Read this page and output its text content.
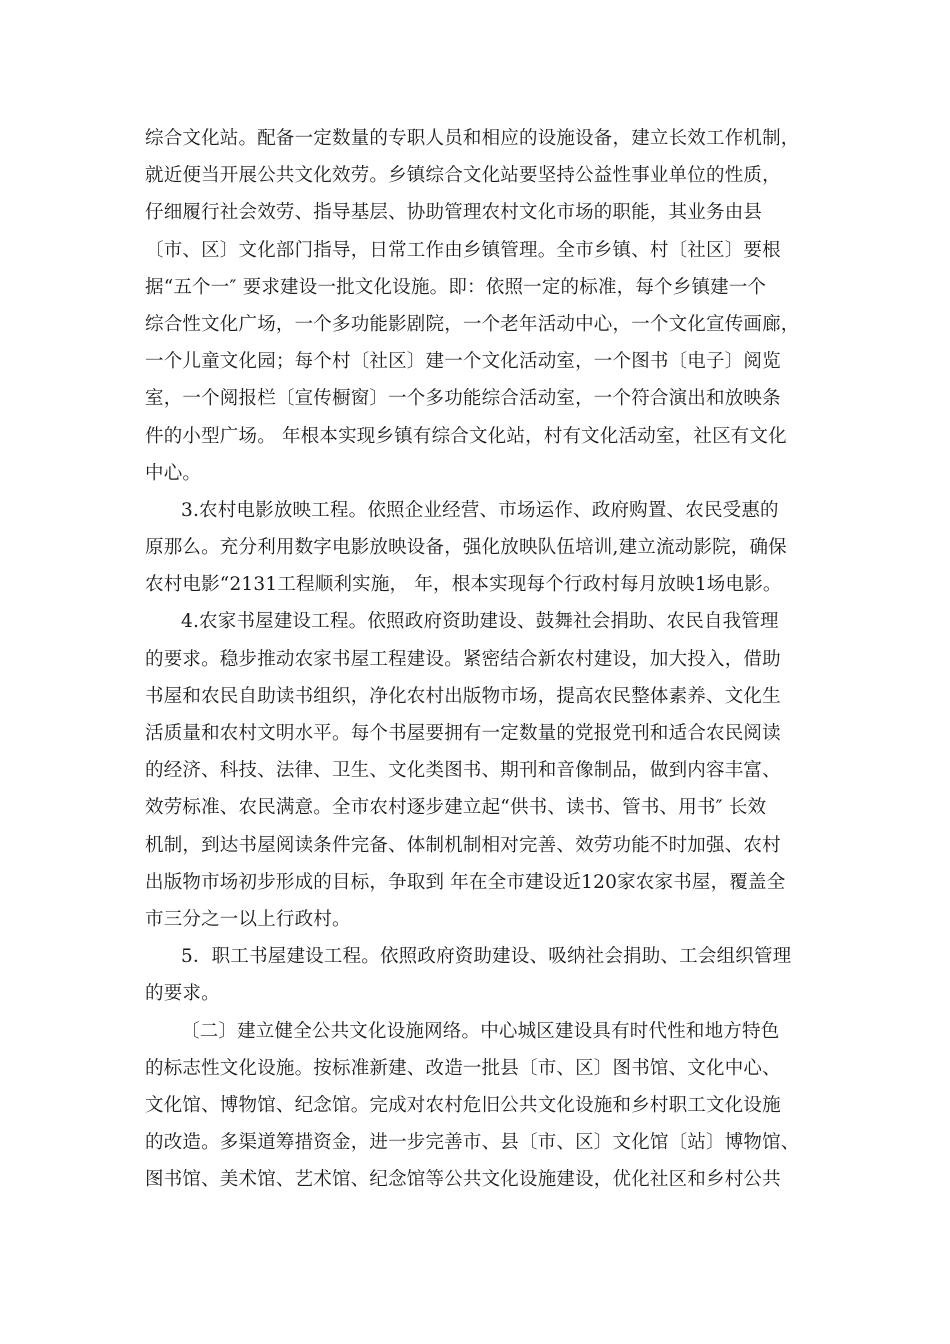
综合文化站。配备一定数量的专职人员和相应的设施设备，建立长效工作机制，
就近便当开展公共文化效劳。乡镇综合文化站要坚持公益性事业单位的性质，
仔细履行社会效劳、指导基层、协助管理农村文化市场的职能，其业务由县
〔市、区〕文化部门指导，日常工作由乡镇管理。全市乡镇、村〔社区〕要根
据“五个一″ 要求建设一批文化设施。即：依照一定的标准，每个乡镇建一个
综合性文化广场，一个多功能影剧院，一个老年活动中心，一个文化宣传画廊，
一个儿童文化园；每个村〔社区〕建一个文化活动室，一个图书〔电子〕阅览
室，一个阅报栏〔宣传橱窗〕一个多功能综合活动室，一个符合演出和放映条
件的小型广场。 年根本实现乡镇有综合文化站，村有文化活动室，社区有文化
中心。
3.农村电影放映工程。依照企业经营、市场运作、政府购置、农民受惠的
原那么。充分利用数字电影放映设备，强化放映队伍培训,建立流动影院，确保
农村电影“2131工程顺利实施， 年，根本实现每个行政村每月放映1场电影。
4.农家书屋建设工程。依照政府资助建设、鼓舞社会捐助、农民自我管理
的要求。稳步推动农家书屋工程建设。紧密结合新农村建设，加大投入，借助
书屋和农民自助读书组织，净化农村出版物市场，提高农民整体素养、文化生
活质量和农村文明水平。每个书屋要拥有一定数量的党报党刊和适合农民阅读
的经济、科技、法律、卫生、文化类图书、期刊和音像制品，做到内容丰富、
效劳标准、农民满意。全市农村逐步建立起“供书、读书、管书、用书″ 长效
机制，到达书屋阅读条件完备、体制机制相对完善、效劳功能不时加强、农村
出版物市场初步形成的目标，争取到 年在全市建设近120家农家书屋，覆盖全
市三分之一以上行政村。
5．职工书屋建设工程。依照政府资助建设、吸纳社会捐助、工会组织管理
的要求。
〔二〕建立健全公共文化设施网络。中心城区建设具有时代性和地方特色
的标志性文化设施。按标准新建、改造一批县〔市、区〕图书馆、文化中心、
文化馆、博物馆、纪念馆。完成对农村危旧公共文化设施和乡村职工文化设施
的改造。多渠道筹措资金，进一步完善市、县〔市、区〕文化馆〔站〕博物馆、
图书馆、美术馆、艺术馆、纪念馆等公共文化设施建设，优化社区和乡村公共
